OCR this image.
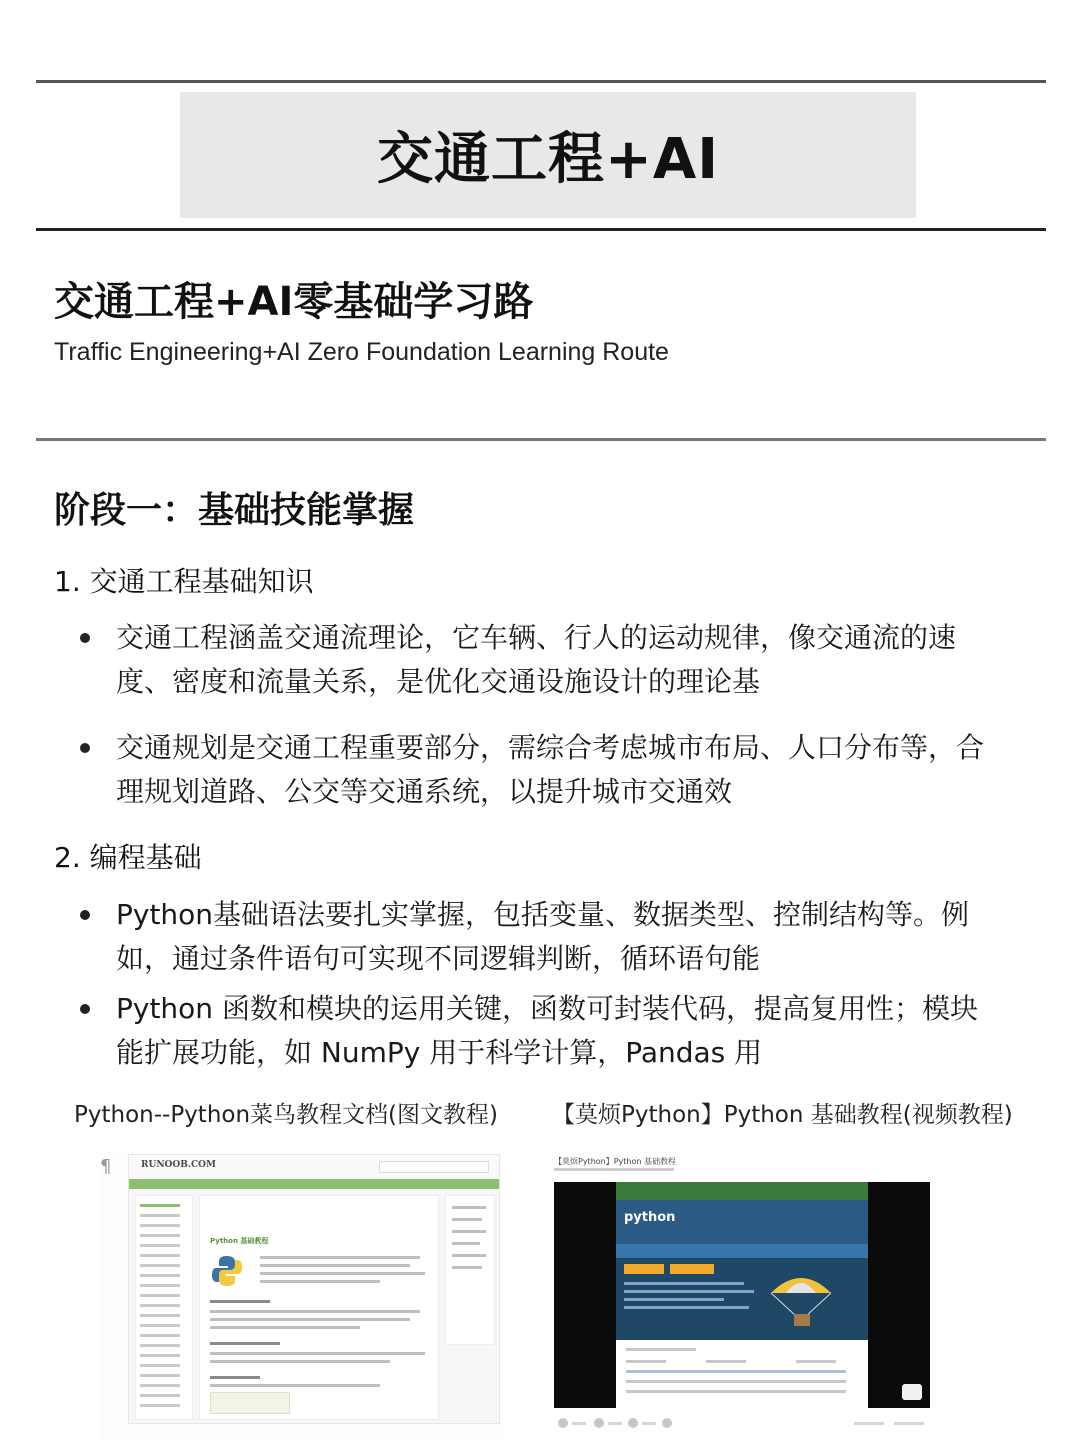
交通工程+AI
交通工程+AI零基础学习路
Traffic Engineering+AI Zero Foundation Learning Route
阶段一：基础技能掌握
1. 交通工程基础知识
交通工程涵盖交通流理论，它车辆、行人的运动规律，像交通流的速度、密度和流量关系，是优化交通设施设计的理论基
交通规划是交通工程重要部分，需综合考虑城市布局、人口分布等，合理规划道路、公交等交通系统，以提升城市交通效
2. 编程基础
Python基础语法要扎实掌握，包括变量、数据类型、控制结构等。例如，通过条件语句可实现不同逻辑判断，循环语句能
Python 函数和模块的运用关键，函数可封装代码，提高复用性；模块能扩展功能，如 NumPy 用于科学计算，Pandas 用
Python--Python菜鸟教程文档(图文教程) 【莫烦Python】Python 基础教程(视频教程)
¶	RUNOOB.COM
Python 基础教程
【莫烦Python】Python 基础教程
python
